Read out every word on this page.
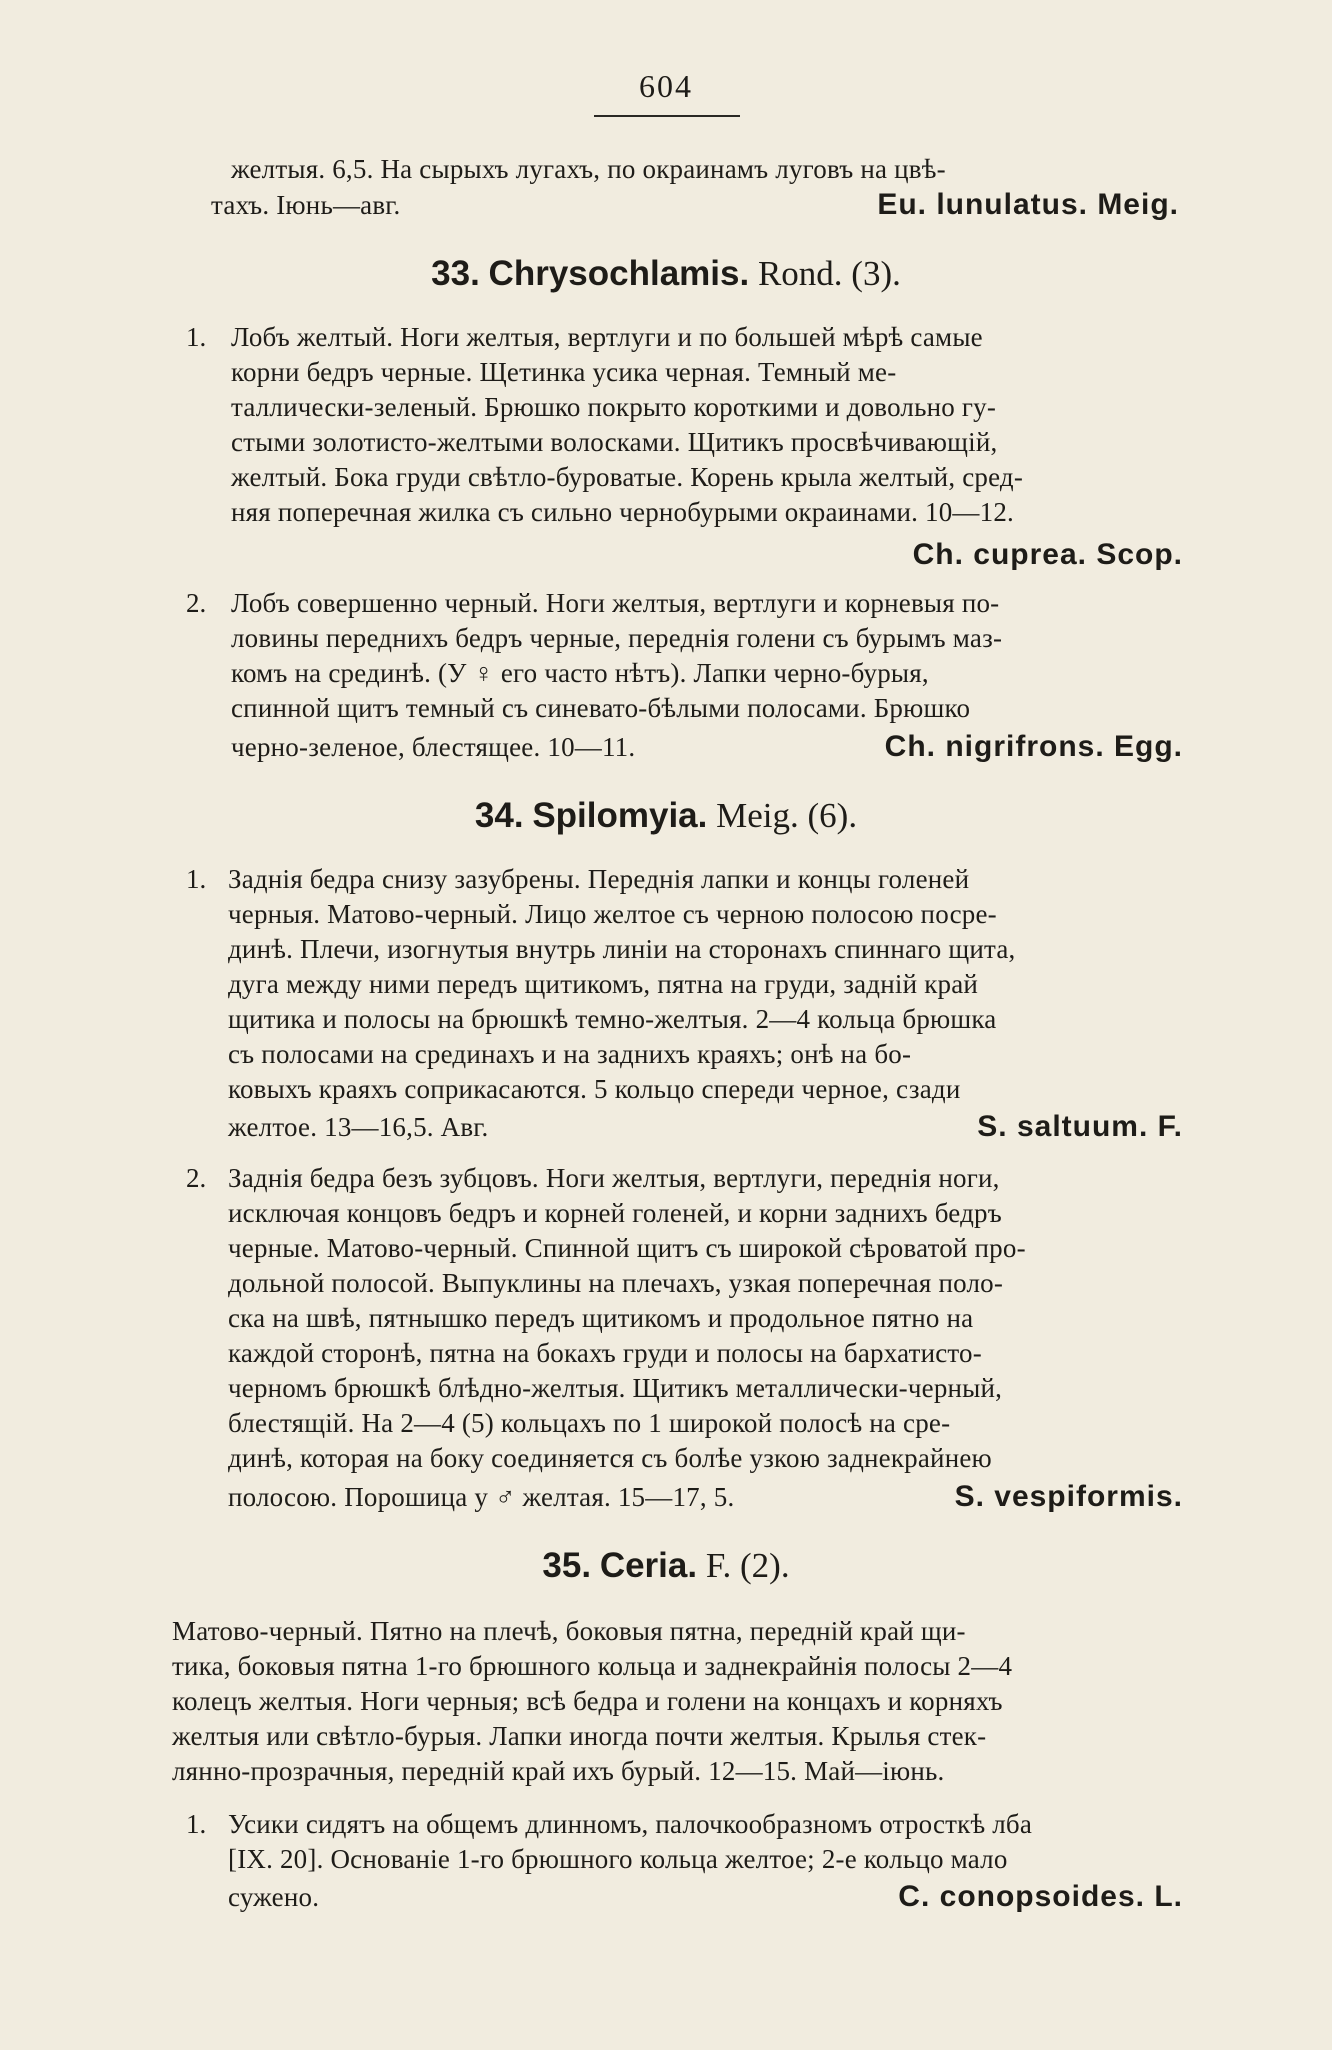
604
желтыя. 6,5. На сырыхъ лугахъ, по окраинамъ луговъ на цвѣ-
тахъ. Іюнь—авг.	Eu. lunulatus. Meig.
33. Chrysochlamis. Rond. (3).
1. Лобъ желтый. Ноги желтыя, вертлуги и по большей мѣрѣ самые
корни бедръ черные. Щетинка усика черная. Темный ме-
таллически-зеленый. Брюшко покрыто короткими и довольно гу-
стыми золотисто-желтыми волосками. Щитикъ просвѣчивающій,
желтый. Бока груди свѣтло-буроватые. Корень крыла желтый, сред-
няя поперечная жилка съ сильно чернобурыми окраинами. 10—12.
Ch. cuprea. Scop.
2. Лобъ совершенно черный. Ноги желтыя, вертлуги и корневыя по-
ловины переднихъ бедръ черные, переднія голени съ бурымъ маз-
комъ на срединѣ. (У ♀ его часто нѣтъ). Лапки черно-бурыя,
спинной щитъ темный съ синевато-бѣлыми полосами. Брюшко
черно-зеленое, блестящее. 10—11.	Ch. nigrifrons. Egg.
34. Spilomyia. Meig. (6).
1. Заднія бедра снизу зазубрены. Переднія лапки и концы голеней
черныя. Матово-черный. Лицо желтое съ черною полосою посре-
динѣ. Плечи, изогнутыя внутрь линіи на сторонахъ спиннаго щита,
дуга между ними передъ щитикомъ, пятна на груди, задній край
щитика и полосы на брюшкѣ темно-желтыя. 2—4 кольца брюшка
съ полосами на срединахъ и на заднихъ краяхъ; онѣ на бо-
ковыхъ краяхъ соприкасаются. 5 кольцо спереди черное, сзади
желтое. 13—16,5. Авг.	S. saltuum. F.
2. Заднія бедра безъ зубцовъ. Ноги желтыя, вертлуги, переднія ноги,
исключая концовъ бедръ и корней голеней, и корни заднихъ бедръ
черные. Матово-черный. Спинной щитъ съ широкой сѣроватой про-
дольной полосой. Выпуклины на плечахъ, узкая поперечная поло-
ска на швѣ, пятнышко передъ щитикомъ и продольное пятно на
каждой сторонѣ, пятна на бокахъ груди и полосы на бархатисто-
черномъ брюшкѣ блѣдно-желтыя. Щитикъ металлически-черный,
блестящій. На 2—4 (5) кольцахъ по 1 широкой полосѣ на сре-
динѣ, которая на боку соединяется съ болѣе узкою заднекрайнею
полосою. Порошица у ♂ желтая. 15—17, 5.	S. vespiformis.
35. Ceria. F. (2).
Матово-черный. Пятно на плечѣ, боковыя пятна, передній край щи-
тика, боковыя пятна 1-го брюшного кольца и заднекрайнія полосы 2—4
колецъ желтыя. Ноги черныя; всѣ бедра и голени на концахъ и корняхъ
желтыя или свѣтло-бурыя. Лапки иногда почти желтыя. Крылья стек-
лянно-прозрачныя, передній край ихъ бурый. 12—15. Май—іюнь.
1. Усики сидятъ на общемъ длинномъ, палочкообразномъ отросткѣ лба
[IX. 20]. Основаніе 1-го брюшного кольца желтое; 2-е кольцо мало
сужено.	C. conopsoides. L.
